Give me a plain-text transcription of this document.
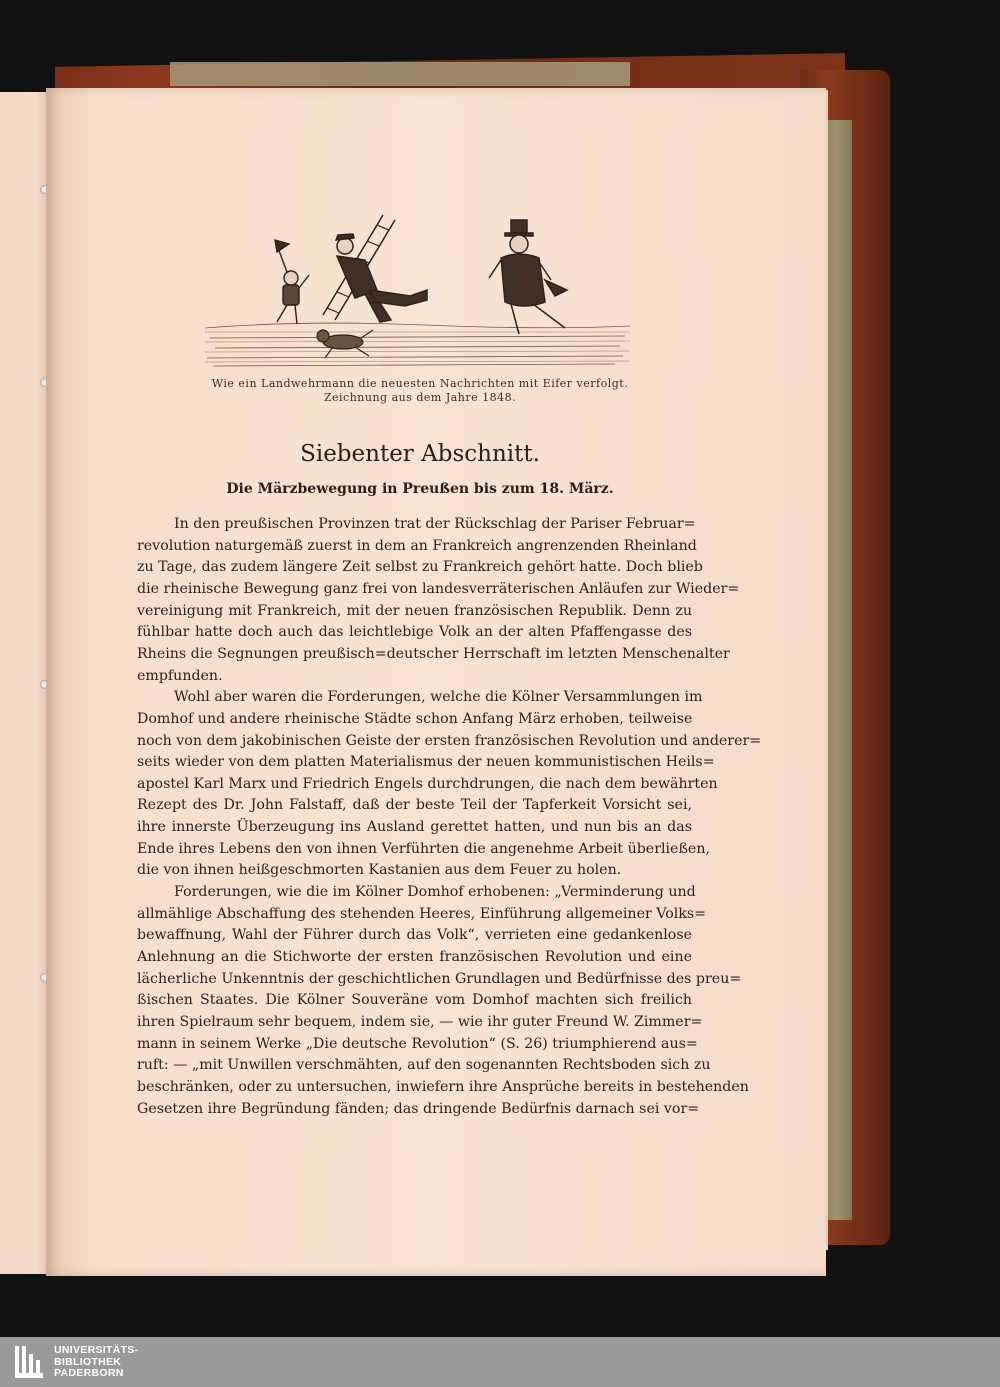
Wie ein Landwehrmann die neuesten Nachrichten mit Eifer verfolgt.
Zeichnung aus dem Jahre 1848.
Siebenter Abschnitt.
Die Märzbewegung in Preußen bis zum 18. März.
In den preußischen Provinzen trat der Rückschlag der Pariser Februar=
revolution naturgemäß zuerst in dem an Frankreich angrenzenden Rheinland
zu Tage, das zudem längere Zeit selbst zu Frankreich gehört hatte. Doch blieb
die rheinische Bewegung ganz frei von landesverräterischen Anläufen zur Wieder=
vereinigung mit Frankreich, mit der neuen französischen Republik. Denn zu
fühlbar hatte doch auch das leichtlebige Volk an der alten Pfaffengasse des
Rheins die Segnungen preußisch=deutscher Herrschaft im letzten Menschenalter
empfunden.
Wohl aber waren die Forderungen, welche die Kölner Versammlungen im
Domhof und andere rheinische Städte schon Anfang März erhoben, teilweise
noch von dem jakobinischen Geiste der ersten französischen Revolution und anderer=
seits wieder von dem platten Materialismus der neuen kommunistischen Heils=
apostel Karl Marx und Friedrich Engels durchdrungen, die nach dem bewährten
Rezept des Dr. John Falstaff, daß der beste Teil der Tapferkeit Vorsicht sei,
ihre innerste Überzeugung ins Ausland gerettet hatten, und nun bis an das
Ende ihres Lebens den von ihnen Verführten die angenehme Arbeit überließen,
die von ihnen heißgeschmorten Kastanien aus dem Feuer zu holen.
Forderungen, wie die im Kölner Domhof erhobenen: „Verminderung und
allmählige Abschaffung des stehenden Heeres, Einführung allgemeiner Volks=
bewaffnung, Wahl der Führer durch das Volk“, verrieten eine gedankenlose
Anlehnung an die Stichworte der ersten französischen Revolution und eine
lächerliche Unkenntnis der geschichtlichen Grundlagen und Bedürfnisse des preu=
ßischen Staates. Die Kölner Souveräne vom Domhof machten sich freilich
ihren Spielraum sehr bequem, indem sie, — wie ihr guter Freund W. Zimmer=
mann in seinem Werke „Die deutsche Revolution“ (S. 26) triumphierend aus=
ruft: — „mit Unwillen verschmähten, auf den sogenannten Rechtsboden sich zu
beschränken, oder zu untersuchen, inwiefern ihre Ansprüche bereits in bestehenden
Gesetzen ihre Begründung fänden; das dringende Bedürfnis darnach sei vor=
UNIVERSITÄTS-
BIBLIOTHEK
PADERBORN
